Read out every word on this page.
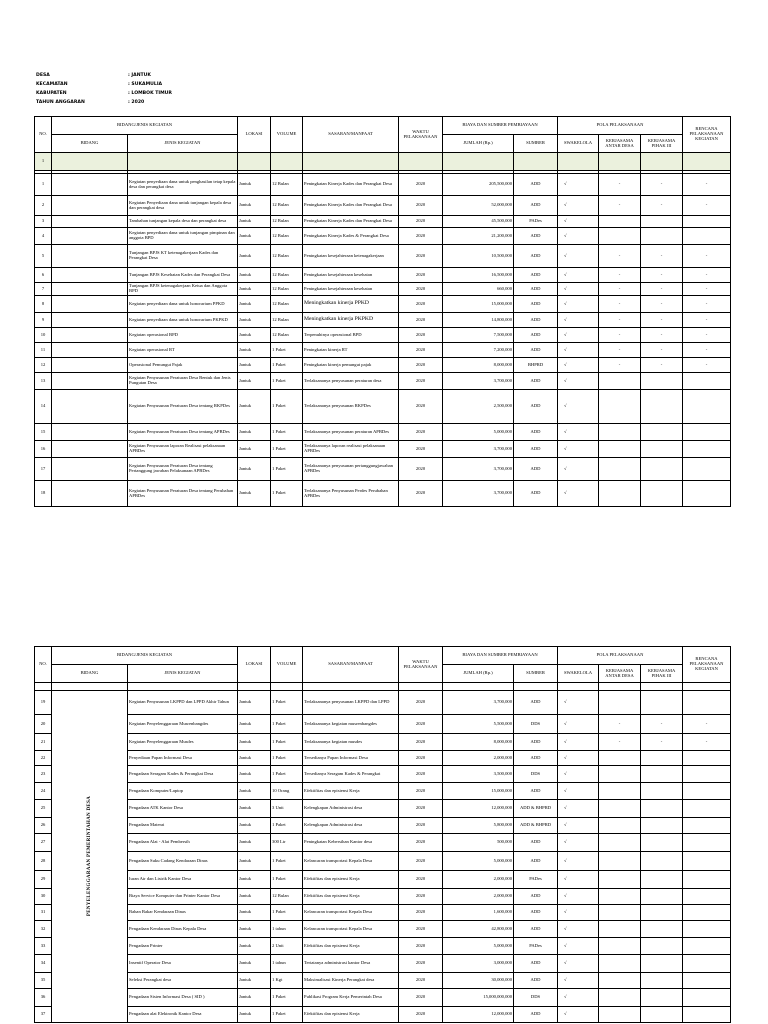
DESA	: JANTUK
KECAMATAN	: SUKAMULIA
KABUPATEN	: LOMBOK TIMUR
TAHUN ANGGARAN	: 2020
NO.	BIDANG/JENIS KEGIATAN		LOKASI	VOLUME	SASARAN/MANFAAT	WAKTU PELAKSANAAN	BIAYA DAN SUMBER PEMBIAYAAN		POLA PELAKSANAAN			RENCANA PELAKSANAAN KEGIATAN
	BIDANG	JENIS KEGIATAN					JUMLAH (Rp.)	SUMBER	SWAKELOLA	KERJASAMA ANTAR DESA	KERJASAMA PIHAK III	
1												

1		Kegiatan penyediaan dana untuk penghasilan tetap kepala desa dan perangkat desa	Jantuk	12 Bulan	Peningkatan Kinerja Kades dan Perangkat Desa	2020	205,500,000	ADD	√	-	-	-
2		Kegiatan Penyediaan dana untuk tunjangan kepala desa dan perangkat desa	Jantuk	12 Bulan	Peningkatan Kinerja Kades dan Perangkat Desa	2020	52,000,000	ADD	√	-	-	-
3		Tambahan tunjangan kepala desa dan perangkat desa	Jantuk	12 Bulan	Peningkatan Kinerja Kades dan Perangkat Desa	2020	45,500,000	PADes	√			
4		Kegiatan penyediaan dana untuk tunjangan pimpinan dan anggota BPD	Jantuk	12 Bulan	Peningkatan Kinerja Kades & Perangkat Desa	2020	21,200,000	ADD	√			
5		Tunjangan BPJS KT ketenagakerjaan Kades dan Perangkat Desa	Jantuk	12 Bulan	Peningkatan kesejahteraan ketenagakerjaan	2020	10,500,000	ADD	√	-	-	-
6		Tunjangan BPJS Kesehatan Kades dan Perangkat Desa	Jantuk	12 Bulan	Peningkatan kesejahteraan kesehatan	2020	16,500,000	ADD	√	-	-	-
7		Tunjangan BPJS ketenagakerjaan Ketua dan Anggota BPD	Jantuk	12 Bulan	Peningkatan kesejahteraan kesehatan	2020	660,000	ADD	√	-	-	-
8		Kegiatan penyediaan dana untuk honorarium PPKD	Jantuk	12 Bulan	Meningkatkan kinerja PPKD	2020	15,000,000	ADD	√	-	-	-
9		Kegiatan penyediaan dana untuk honorarium PKPKD	Jantuk	12 Bulan	Meningkatkan kinerja PKPKD	2020	14,800,000	ADD	√	-	-	-
10		Kegiatan operasional BPD	Jantuk	12 Bulan	Terpenuhinya operasional BPD	2020	7,500,000	ADD	√	-	-	-
11		Kegiatan operasional RT	Jantuk	1 Paket	Peningkatan kinerja RT	2020	7,200,000	ADD	√	-	-	-
12		Operasional Pemungut Pajak	Jantuk	1 Paket	Peningkatan kinerja pemungut pajak	2020	8,000,000	BHPRD	√	-	-	-
13		Kegiatan Penyusunan Peraturan Desa Bentuk dan Jenis Pungutan Desa	Jantuk	1 Paket	Terlaksananya penyusunan peraturan desa	2020	3,700,000	ADD	√			
14		Kegiatan Penyusunan Peraturan Desa tentang RKPDes	Jantuk	1 Paket	Terlaksananya penyusunan RKPDes	2020	2,500,000	ADD	√			
15		Kegiatan Penyusunan Peraturan Desa tentang APBDes	Jantuk	1 Paket	Terlaksananya penyusunan peraturan APBDes	2020	5,000,000	ADD	√			
16		Kegiatan Penyusunan laporan Realisasi pelaksanaan APBDes	Jantuk	1 Paket	Terlaksananya laporan realisasi pelaksanaan APBDes	2020	3,700,000	ADD	√			
17		Kegiatan Penyusunan Peraturan Desa tentang Pertanggung jawaban Pelaksanaan APBDes	Jantuk	1 Paket	Terlaksananya penyusunan pertanggungjawaban APBDes	2020	3,700,000	ADD	√			
18		Kegiatan Penyusunan Peraturan Desa tentang Perubahan APBDes	Jantuk	1 Paket	Terlaksananya Penyusunan Perdes Perubahan APBDes	2020	3,700,000	ADD	√			
NO.	BIDANG/JENIS KEGIATAN		LOKASI	VOLUME	SASARAN/MANFAAT	WAKTU PELAKSANAAN	BIAYA DAN SUMBER PEMBIAYAAN		POLA PELAKSANAAN			RENCANA PELAKSANAAN KEGIATAN
	BIDANG	JENIS KEGIATAN					JUMLAH (Rp.)	SUMBER	SWAKELOLA	KERJASAMA ANTAR DESA	KERJASAMA PIHAK III	

19	PENYELENGGARAAN PEMERINTAHAN DESA	Kegiatan Penyusunan LKPPD dan LPPD Akhir Tahun	Jantuk	1 Paket	Terlaksananya penyusunan LKPPD dan LPPD	2020	3,700,000	ADD	√			
20		Kegiatan Penyelenggaraan Musrenbangdes	Jantuk	1 Paket	Terlaksananya kegiatan musrenbangdes	2020	5,500,000	DDS	√	-	-	-
21		Kegiatan Penyelenggaraan Musdes	Jantuk	1 Paket	Terlaksananya kegiatan musdes	2020	8,000,000	ADD	√	-	-	-
22		Penyediaan Papan Informasi Desa	Jantuk	1 Paket	Tersedianya Papan Informasi Desa	2020	2,000,000	ADD	√			
23		Pengadaan Seragam Kades & Perangkat Desa	Jantuk	1 Paket	Tersedianya Seragam Kades & Perangkat	2020	3,500,000	DDS	√			
24		Pengadaan Komputer/Laptop	Jantuk	10 Orang	Efektifitas dan episiensi Kerja	2020	15,000,000	ADD	√			
25		Pengadaan ATK Kantor Desa	Jantuk	3 Unit	Kelengkapan Administrasi desa	2020	12,000,000	ADD & BHPRD	√			
26		Pengadaan Materai	Jantuk	1 Paket	Kelengkapan Administrasi desa	2020	5,800,000	ADD & BHPRD	√			
27		Pengadaan Alat - Alat Pembersih	Jantuk	300 Ltr	Peningkatan Kebersihan Kantor desa	2020	500,000	ADD	√			
28		Pengadaan Suku Cadang Kendaraan Dinas	Jantuk	1 Paket	Kelancaran transportasi Kepala Desa	2020	5,000,000	ADD	√			
29		Iuran Air dan Listrik Kantor Desa	Jantuk	1 Paket	Efektifitas dan episiensi Kerja	2020	2,000,000	PADes	√			
30		Biaya Service Komputer dan Printer Kantor Desa	Jantuk	12 Bulan	Efektifitas dan episiensi Kerja	2020	2,000,000	ADD	√			
31		Bahan Bakar Kendaraan Dinas	Jantuk	1 Paket	Kelancaran transportasi Kepala Desa	2020	1,600,000	ADD	√			
32		Pengadaan Kendaraan Dinas Kepala Desa	Jantuk	1 tahun	Kelancaran transportasi Kepala Desa	2020	42,800,000	ADD	√			
33		Pengadaan Printer	Jantuk	2 Unit	Efektifitas dan episiensi Kerja	2020	5,000,000	PADes	√			
34		Insentif Operator Desa	Jantuk	1 tahun	Tertatanya administrasi kantor Desa	2020	3,000,000	ADD	√			
35		Seleksi Perangkat desa	Jantuk	1 Kgt	Maksimalisasi Kinerja Perangkat desa	2020	30,000,000	ADD	√			
36		Pengadaan Sisten Informasi Desa ( SID )	Jantuk	1 Paket	Publikasi Program Kerja Pemerintah Desa	2020	15,000,000,000	DDS	√			
37		Pengadaan alat Elektronik Kantor Desa	Jantuk	1 Paket	Efektifitas dan episiensi Kerja	2020	12,000,000	ADD	√			
